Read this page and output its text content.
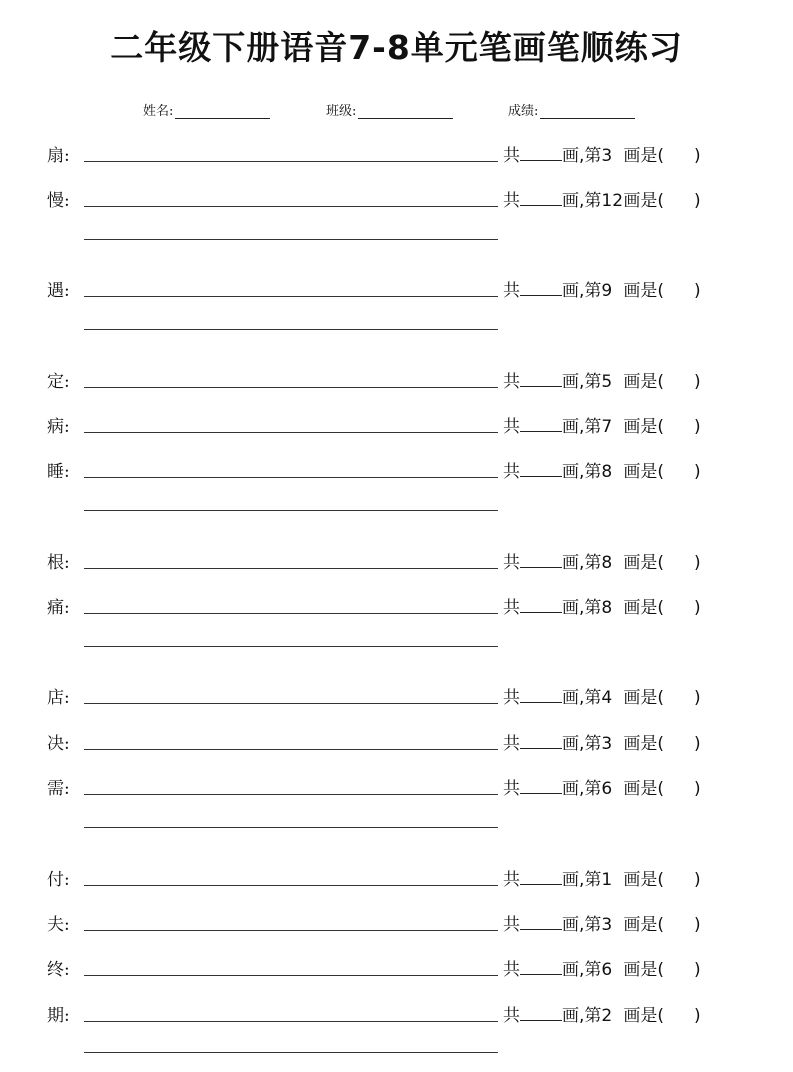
二年级下册语音7-8单元笔画笔顺练习
姓名:	班级:	成绩:
扇:	共 画,第3 画是( )
慢:	共 画,第12画是( )
遇:	共 画,第9 画是( )
定:	共 画,第5 画是( )
病:	共 画,第7 画是( )
睡:	共 画,第8 画是( )
根:	共 画,第8 画是( )
痛:	共 画,第8 画是( )
店:	共 画,第4 画是( )
决:	共 画,第3 画是( )
需:	共 画,第6 画是( )
付:	共 画,第1 画是( )
夫:	共 画,第3 画是( )
终:	共 画,第6 画是( )
期:	共 画,第2 画是( )
